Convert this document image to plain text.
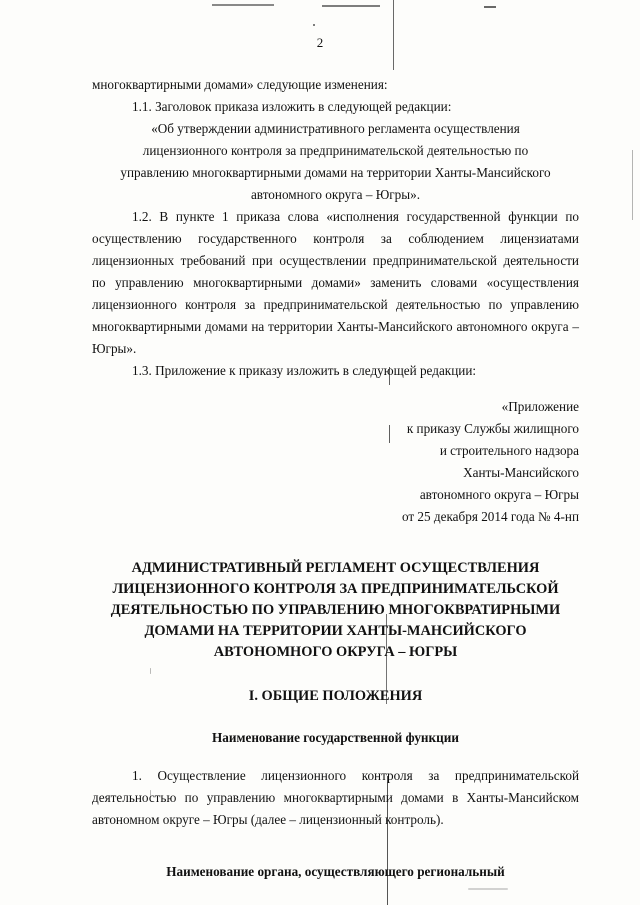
2

многоквартирными домами» следующие изменения:

1.1. Заголовок приказа изложить в следующей редакции:

«Об утверждении административного регламента осуществления лицензионного контроля за предпринимательской деятельностью по управлению многоквартирными домами на территории Ханты-Мансийского автономного округа – Югры».

1.2. В пункте 1 приказа слова «исполнения государственной функции по осуществлению государственного контроля за соблюдением лицензиатами лицензионных требований при осуществлении предпринимательской деятельности по управлению многоквартирными домами» заменить словами «осуществления лицензионного контроля за предпринимательской деятельностью по управлению многоквартирными домами на территории Ханты-Мансийского автономного округа – Югры».

1.3. Приложение к приказу изложить в следующей редакции:

«Приложение

к приказу Службы жилищного

и строительного надзора

Ханты-Мансийского

автономного округа – Югры

от 25 декабря 2014 года № 4-нп

АДМИНИСТРАТИВНЫЙ РЕГЛАМЕНТ ОСУЩЕСТВЛЕНИЯ ЛИЦЕНЗИОННОГО КОНТРОЛЯ ЗА ПРЕДПРИНИМАТЕЛЬСКОЙ ДЕЯТЕЛЬНОСТЬЮ ПО УПРАВЛЕНИЮ МНОГОКВРАТИРНЫМИ ДОМАМИ НА ТЕРРИТОРИИ ХАНТЫ-МАНСИЙСКОГО АВТОНОМНОГО ОКРУГА – ЮГРЫ

I. ОБЩИЕ ПОЛОЖЕНИЯ

Наименование государственной функции

1. Осуществление лицензионного контроля за предпринимательской деятельностью по управлению многоквартирными домами в Ханты-Мансийском автономном округе – Югры (далее – лицензионный контроль).

Наименование органа, осуществляющего региональный
